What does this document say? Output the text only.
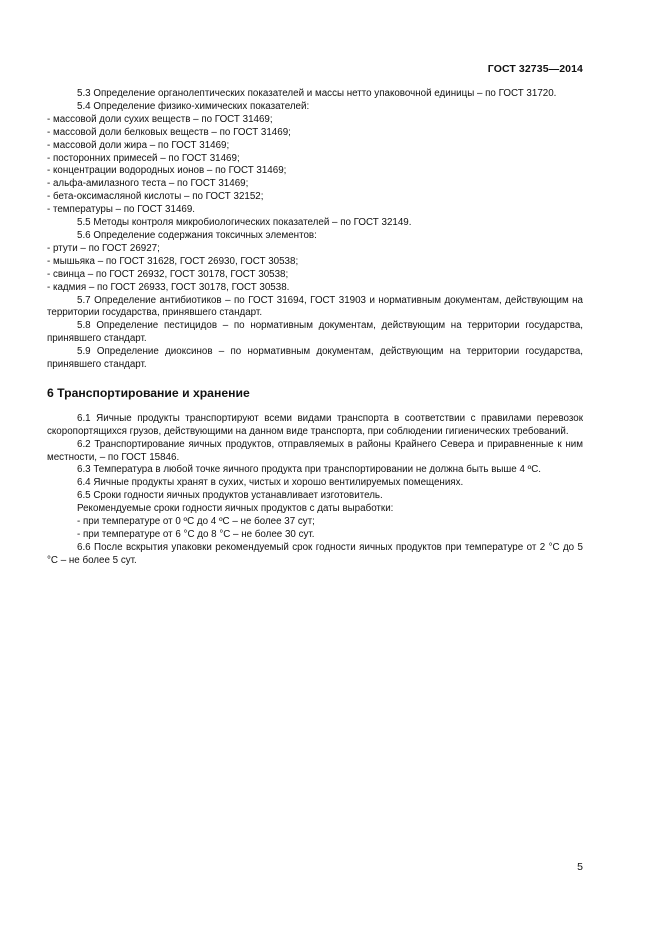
ГОСТ 32735—2014
5.3 Определение органолептических показателей и массы нетто упаковочной единицы – по ГОСТ 31720.
5.4 Определение физико-химических показателей:
- массовой доли сухих веществ – по ГОСТ 31469;
- массовой доли белковых веществ – по ГОСТ 31469;
- массовой доли жира – по ГОСТ 31469;
- посторонних примесей – по ГОСТ 31469;
- концентрации водородных ионов – по ГОСТ 31469;
- альфа-амилазного теста – по ГОСТ 31469;
- бета-оксимасляной кислоты – по ГОСТ 32152;
- температуры – по ГОСТ 31469.
5.5 Методы контроля микробиологических показателей – по ГОСТ 32149.
5.6 Определение содержания токсичных элементов:
- ртути – по ГОСТ 26927;
- мышьяка – по ГОСТ 31628, ГОСТ 26930, ГОСТ 30538;
- свинца – по ГОСТ 26932, ГОСТ 30178, ГОСТ 30538;
- кадмия – по ГОСТ 26933, ГОСТ 30178, ГОСТ 30538.
5.7 Определение антибиотиков – по ГОСТ 31694, ГОСТ 31903 и нормативным документам, действующим на территории государства, принявшего стандарт.
5.8 Определение пестицидов – по нормативным документам, действующим на территории государства, принявшего стандарт.
5.9 Определение диоксинов – по нормативным документам, действующим на территории государства, принявшего стандарт.
6 Транспортирование и хранение
6.1 Яичные продукты транспортируют всеми видами транспорта в соответствии с правилами перевозок скоропортящихся грузов, действующими на данном виде транспорта, при соблюдении гигиенических требований.
6.2 Транспортирование яичных продуктов, отправляемых в районы Крайнего Севера и приравненные к ним местности, – по ГОСТ 15846.
6.3 Температура в любой точке яичного продукта при транспортировании не должна быть выше 4 ºС.
6.4 Яичные продукты хранят в сухих, чистых и хорошо вентилируемых помещениях.
6.5 Сроки годности яичных продуктов устанавливает изготовитель.
Рекомендуемые сроки годности яичных продуктов с даты выработки:
- при температуре от 0 ºС до 4 ºС – не более 37 сут;
- при температуре от 6 °С до 8 °С – не более 30 сут.
6.6 После вскрытия упаковки рекомендуемый срок годности яичных продуктов при температуре от 2 °С до 5 °С – не более 5 сут.
5
